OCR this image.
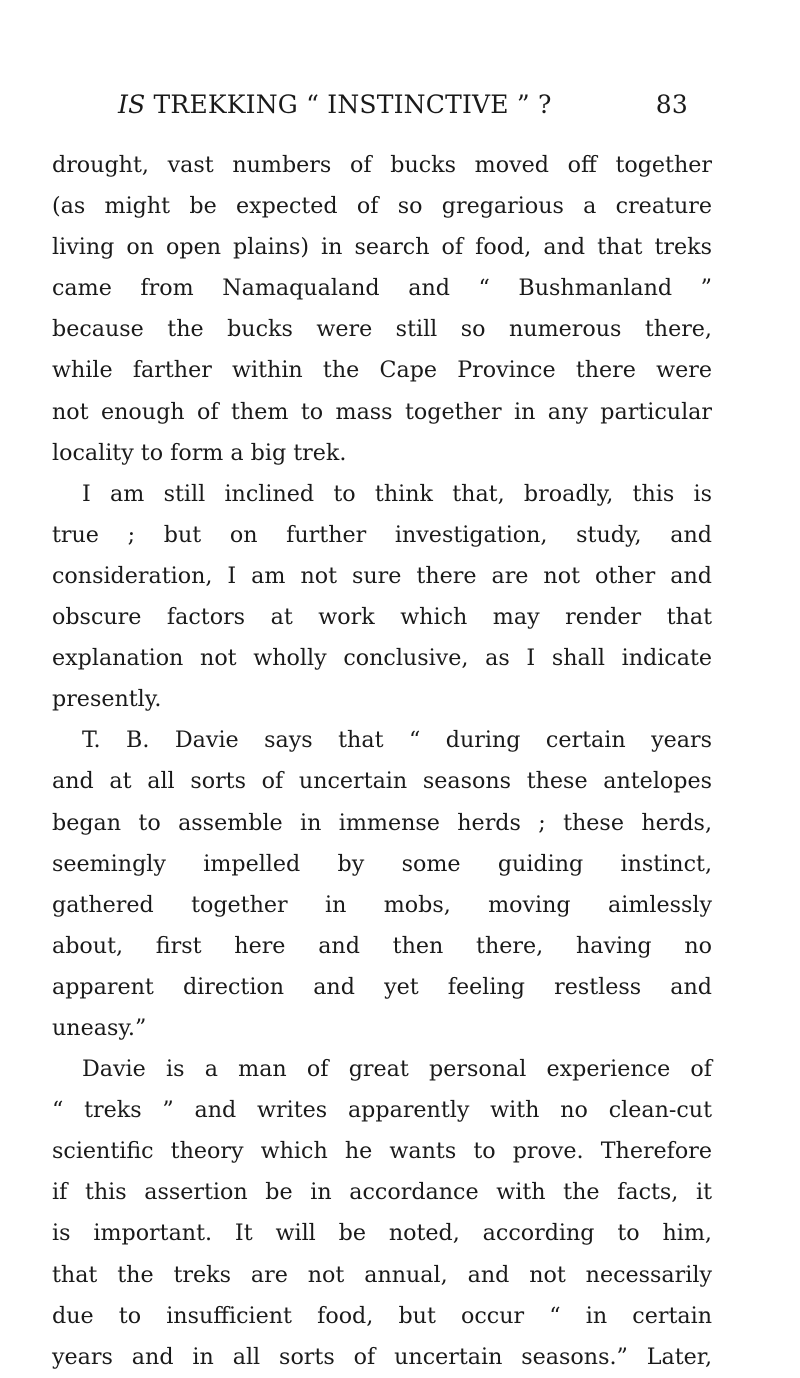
IS TREKKING “ INSTINCTIVE ” ?	83
drought, vast numbers of bucks moved off together
(as might be expected of so gregarious a creature
living on open plains) in search of food, and that treks
came from Namaqualand and “ Bushmanland ”
because the bucks were still so numerous there,
while farther within the Cape Province there were
not enough of them to mass together in any particular
locality to form a big trek.
I am still inclined to think that, broadly, this is
true ; but on further investigation, study, and
consideration, I am not sure there are not other and
obscure factors at work which may render that
explanation not wholly conclusive, as I shall indicate
presently.
T. B. Davie says that “ during certain years
and at all sorts of uncertain seasons these antelopes
began to assemble in immense herds ; these herds,
seemingly impelled by some guiding instinct,
gathered together in mobs, moving aimlessly
about, first here and then there, having no
apparent direction and yet feeling restless and
uneasy.”
Davie is a man of great personal experience of
“ treks ” and writes apparently with no clean-cut
scientific theory which he wants to prove. Therefore
if this assertion be in accordance with the facts, it
is important. It will be noted, according to him,
that the treks are not annual, and not necessarily
due to insufficient food, but occur “ in certain
years and in all sorts of uncertain seasons.” Later,
